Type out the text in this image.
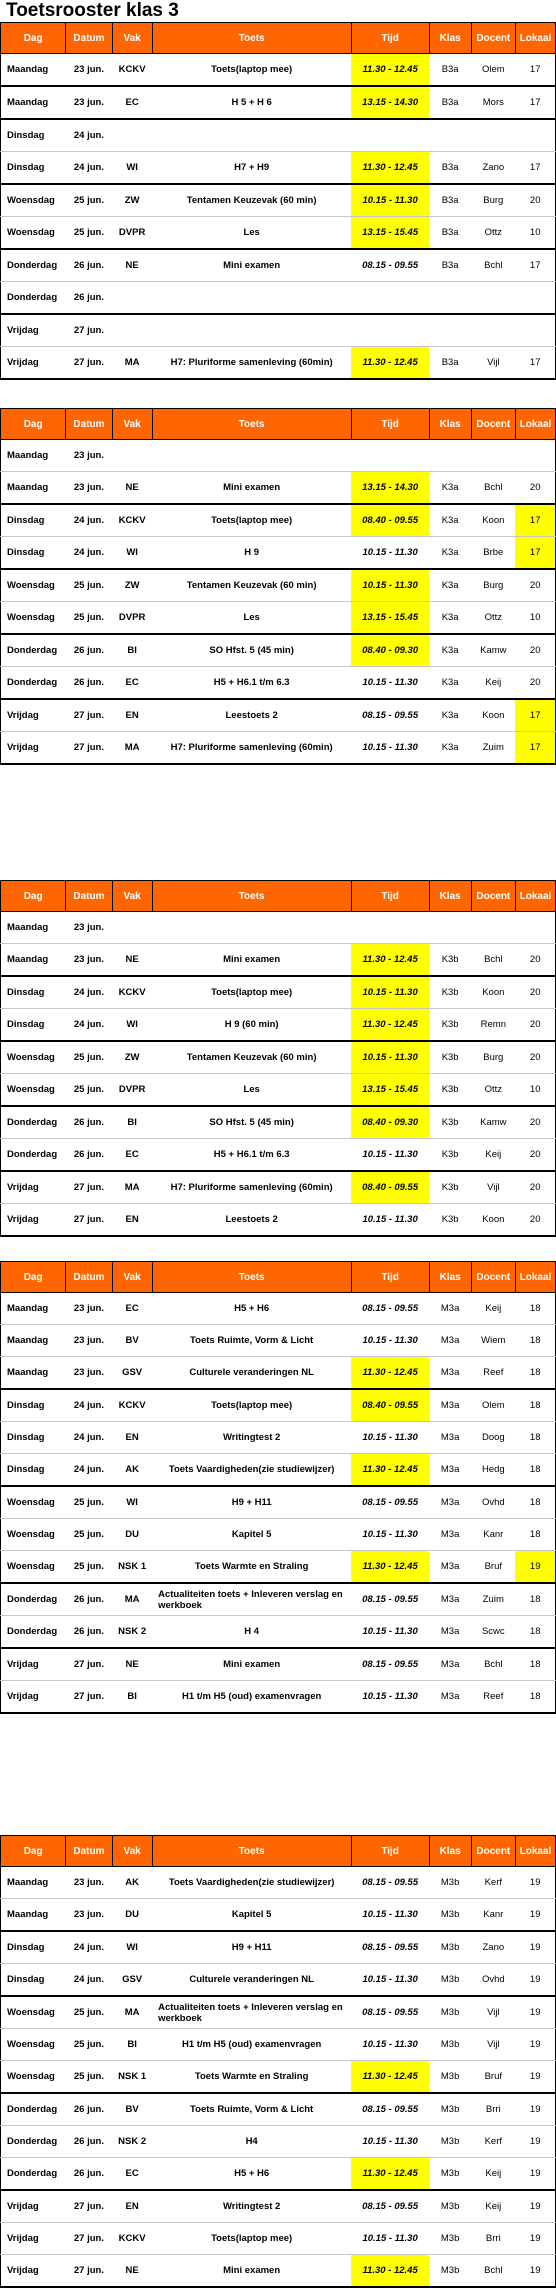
Toetsrooster klas 3
Dag	Datum	Vak	Toets	Tijd	Klas	Docent	Lokaal
Maandag	23 jun.	KCKV	Toets(laptop mee)	11.30 - 12.45	B3a	Olem	17
Maandag	23 jun.	EC	H 5 + H 6	13.15 - 14.30	B3a	Mors	17
Dinsdag	24 jun.						
Dinsdag	24 jun.	WI	H7 + H9	11.30 - 12.45	B3a	Zano	17
Woensdag	25 jun.	ZW	Tentamen Keuzevak (60 min)	10.15 - 11.30	B3a	Burg	20
Woensdag	25 jun.	DVPR	Les	13.15 - 15.45	B3a	Ottz	10
Donderdag	26 jun.	NE	Mini examen	08.15 - 09.55	B3a	Bchl	17
Donderdag	26 jun.						
Vrijdag	27 jun.						
Vrijdag	27 jun.	MA	H7: Pluriforme samenleving (60min)	11.30 - 12.45	B3a	Vijl	17
Dag	Datum	Vak	Toets	Tijd	Klas	Docent	Lokaal
Maandag	23 jun.						
Maandag	23 jun.	NE	Mini examen	13.15 - 14.30	K3a	Bchl	20
Dinsdag	24 jun.	KCKV	Toets(laptop mee)	08.40 - 09.55	K3a	Koon	17
Dinsdag	24 jun.	WI	H 9	10.15 - 11.30	K3a	Brbe	17
Woensdag	25 jun.	ZW	Tentamen Keuzevak (60 min)	10.15 - 11.30	K3a	Burg	20
Woensdag	25 jun.	DVPR	Les	13.15 - 15.45	K3a	Ottz	10
Donderdag	26 jun.	BI	SO Hfst. 5 (45 min)	08.40 - 09.30	K3a	Kamw	20
Donderdag	26 jun.	EC	H5 + H6.1 t/m 6.3	10.15 - 11.30	K3a	Keij	20
Vrijdag	27 jun.	EN	Leestoets 2	08.15 - 09.55	K3a	Koon	17
Vrijdag	27 jun.	MA	H7: Pluriforme samenleving (60min)	10.15 - 11.30	K3a	Zuim	17
Dag	Datum	Vak	Toets	Tijd	Klas	Docent	Lokaal
Maandag	23 jun.						
Maandag	23 jun.	NE	Mini examen	11.30 - 12.45	K3b	Bchl	20
Dinsdag	24 jun.	KCKV	Toets(laptop mee)	10.15 - 11.30	K3b	Koon	20
Dinsdag	24 jun.	WI	H 9 (60 min)	11.30 - 12.45	K3b	Remn	20
Woensdag	25 jun.	ZW	Tentamen Keuzevak (60 min)	10.15 - 11.30	K3b	Burg	20
Woensdag	25 jun.	DVPR	Les	13.15 - 15.45	K3b	Ottz	10
Donderdag	26 jun.	BI	SO Hfst. 5 (45 min)	08.40 - 09.30	K3b	Kamw	20
Donderdag	26 jun.	EC	H5 + H6.1 t/m 6.3	10.15 - 11.30	K3b	Keij	20
Vrijdag	27 jun.	MA	H7: Pluriforme samenleving (60min)	08.40 - 09.55	K3b	Vijl	20
Vrijdag	27 jun.	EN	Leestoets 2	10.15 - 11.30	K3b	Koon	20
Dag	Datum	Vak	Toets	Tijd	Klas	Docent	Lokaal
Maandag	23 jun.	EC	H5 + H6	08.15 - 09.55	M3a	Keij	18
Maandag	23 jun.	BV	Toets Ruimte, Vorm & Licht	10.15 - 11.30	M3a	Wiem	18
Maandag	23 jun.	GSV	Culturele veranderingen NL	11.30 - 12.45	M3a	Reef	18
Dinsdag	24 jun.	KCKV	Toets(laptop mee)	08.40 - 09.55	M3a	Olem	18
Dinsdag	24 jun.	EN	Writingtest 2	10.15 - 11.30	M3a	Doog	18
Dinsdag	24 jun.	AK	Toets Vaardigheden(zie studiewijzer)	11.30 - 12.45	M3a	Hedg	18
Woensdag	25 jun.	WI	H9 + H11	08.15 - 09.55	M3a	Ovhd	18
Woensdag	25 jun.	DU	Kapitel 5	10.15 - 11.30	M3a	Kanr	18
Woensdag	25 jun.	NSK 1	Toets Warmte en Straling	11.30 - 12.45	M3a	Bruf	19
Donderdag	26 jun.	MA	Actualiteiten toets + Inleveren verslag en werkboek	08.15 - 09.55	M3a	Zuim	18
Donderdag	26 jun.	NSK 2	H 4	10.15 - 11.30	M3a	Scwc	18
Vrijdag	27 jun.	NE	Mini examen	08.15 - 09.55	M3a	Bchl	18
Vrijdag	27 jun.	BI	H1 t/m H5 (oud) examenvragen	10.15 - 11.30	M3a	Reef	18
Dag	Datum	Vak	Toets	Tijd	Klas	Docent	Lokaal
Maandag	23 jun.	AK	Toets Vaardigheden(zie studiewijzer)	08.15 - 09.55	M3b	Kerf	19
Maandag	23 jun.	DU	Kapitel 5	10.15 - 11.30	M3b	Kanr	19
Dinsdag	24 jun.	WI	H9 + H11	08.15 - 09.55	M3b	Zano	19
Dinsdag	24 jun.	GSV	Culturele veranderingen NL	10.15 - 11.30	M3b	Ovhd	19
Woensdag	25 jun.	MA	Actualiteiten toets + Inleveren verslag en werkboek	08.15 - 09.55	M3b	Vijl	19
Woensdag	25 jun.	BI	H1 t/m H5 (oud) examenvragen	10.15 - 11.30	M3b	Vijl	19
Woensdag	25 jun.	NSK 1	Toets Warmte en Straling	11.30 - 12.45	M3b	Bruf	19
Donderdag	26 jun.	BV	Toets Ruimte, Vorm & Licht	08.15 - 09.55	M3b	Brri	19
Donderdag	26 jun.	NSK 2	H4	10.15 - 11.30	M3b	Kerf	19
Donderdag	26 jun.	EC	H5 + H6	11.30 - 12.45	M3b	Keij	19
Vrijdag	27 jun.	EN	Writingtest 2	08.15 - 09.55	M3b	Keij	19
Vrijdag	27 jun.	KCKV	Toets(laptop mee)	10.15 - 11.30	M3b	Brri	19
Vrijdag	27 jun.	NE	Mini examen	11.30 - 12.45	M3b	Bchl	19
